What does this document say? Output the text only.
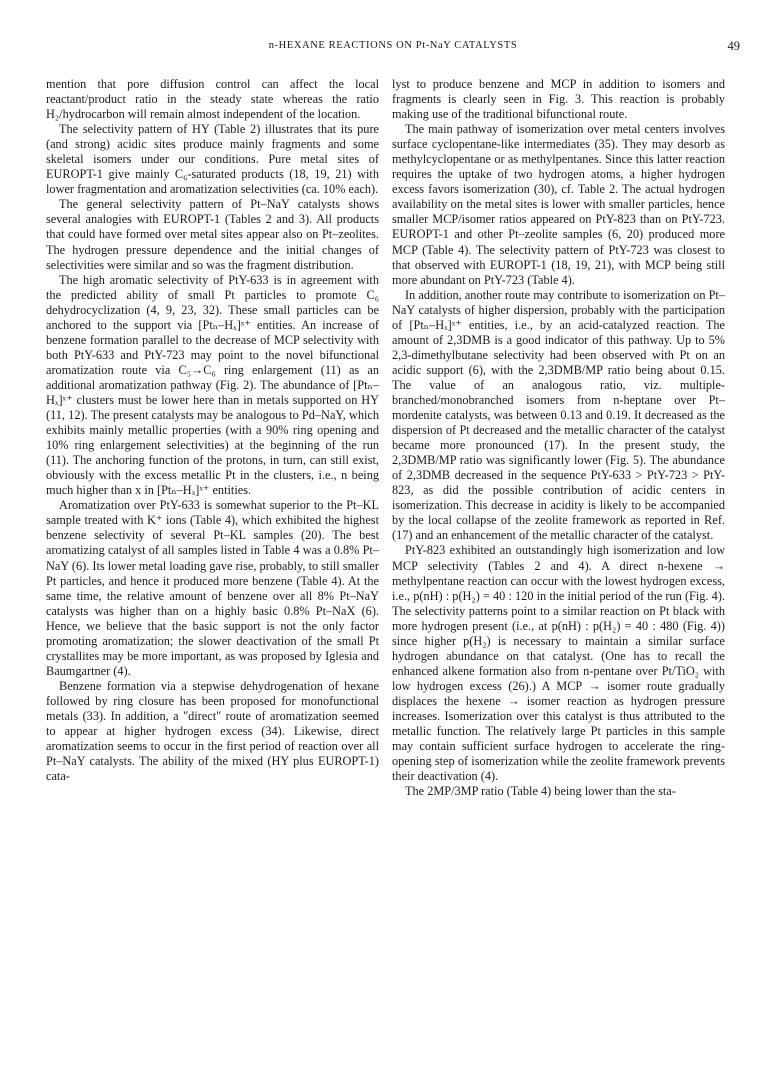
n-HEXANE REACTIONS ON Pt-NaY CATALYSTS	49

mention that pore diffusion control can affect the local reactant/product ratio in the steady state whereas the ratio H₂/hydrocarbon will remain almost independent of the location.

The selectivity pattern of HY (Table 2) illustrates that its pure (and strong) acidic sites produce mainly fragments and some skeletal isomers under our conditions. Pure metal sites of EUROPT-1 give mainly C₆-saturated products (18, 19, 21) with lower fragmentation and aromatization selectivities (ca. 10% each).

The general selectivity pattern of Pt–NaY catalysts shows several analogies with EUROPT-1 (Tables 2 and 3). All products that could have formed over metal sites appear also on Pt–zeolites. The hydrogen pressure dependence and the initial changes of selectivities were similar and so was the fragment distribution.

The high aromatic selectivity of PtY-633 is in agreement with the predicted ability of small Pt particles to promote C₆ dehydrocyclization (4, 9, 23, 32). These small particles can be anchored to the support via [Ptₙ–Hₓ]ˣ⁺ entities. An increase of benzene formation parallel to the decrease of MCP selectivity with both PtY-633 and PtY-723 may point to the novel bifunctional aromatization route via C₅→C₆ ring enlargement (11) as an additional aromatization pathway (Fig. 2). The abundance of [Ptₙ–Hₓ]ˣ⁺ clusters must be lower here than in metals supported on HY (11, 12). The present catalysts may be analogous to Pd–NaY, which exhibits mainly metallic properties (with a 90% ring opening and 10% ring enlargement selectivities) at the beginning of the run (11). The anchoring function of the protons, in turn, can still exist, obviously with the excess metallic Pt in the clusters, i.e., n being much higher than x in [Ptₙ–Hₓ]ˣ⁺ entities.

Aromatization over PtY-633 is somewhat superior to the Pt–KL sample treated with K⁺ ions (Table 4), which exhibited the highest benzene selectivity of several Pt–KL samples (20). The best aromatizing catalyst of all samples listed in Table 4 was a 0.8% Pt–NaY (6). Its lower metal loading gave rise, probably, to still smaller Pt particles, and hence it produced more benzene (Table 4). At the same time, the relative amount of benzene over all 8% Pt–NaY catalysts was higher than on a highly basic 0.8% Pt–NaX (6). Hence, we believe that the basic support is not the only factor promoting aromatization; the slower deactivation of the small Pt crystallites may be more important, as was proposed by Iglesia and Baumgartner (4).

Benzene formation via a stepwise dehydrogenation of hexane followed by ring closure has been proposed for monofunctional metals (33). In addition, a "direct" route of aromatization seemed to appear at higher hydrogen excess (34). Likewise, direct aromatization seems to occur in the first period of reaction over all Pt–NaY catalysts. The ability of the mixed (HY plus EUROPT-1) cata-

lyst to produce benzene and MCP in addition to isomers and fragments is clearly seen in Fig. 3. This reaction is probably making use of the traditional bifunctional route.

The main pathway of isomerization over metal centers involves surface cyclopentane-like intermediates (35). They may desorb as methylcyclopentane or as methylpentanes. Since this latter reaction requires the uptake of two hydrogen atoms, a higher hydrogen excess favors isomerization (30), cf. Table 2. The actual hydrogen availability on the metal sites is lower with smaller particles, hence smaller MCP/isomer ratios appeared on PtY-823 than on PtY-723. EUROPT-1 and other Pt–zeolite samples (6, 20) produced more MCP (Table 4). The selectivity pattern of PtY-723 was closest to that observed with EUROPT-1 (18, 19, 21), with MCP being still more abundant on PtY-723 (Table 4).

In addition, another route may contribute to isomerization on Pt–NaY catalysts of higher dispersion, probably with the participation of [Ptₙ–Hₓ]ˣ⁺ entities, i.e., by an acid-catalyzed reaction. The amount of 2,3DMB is a good indicator of this pathway. Up to 5% 2,3-dimethylbutane selectivity had been observed with Pt on an acidic support (6), with the 2,3DMB/MP ratio being about 0.15. The value of an analogous ratio, viz. multiple-branched/monobranched isomers from n-heptane over Pt–mordenite catalysts, was between 0.13 and 0.19. It decreased as the dispersion of Pt decreased and the metallic character of the catalyst became more pronounced (17). In the present study, the 2,3DMB/MP ratio was significantly lower (Fig. 5). The abundance of 2,3DMB decreased in the sequence PtY-633 > PtY-723 > PtY-823, as did the possible contribution of acidic centers in isomerization. This decrease in acidity is likely to be accompanied by the local collapse of the zeolite framework as reported in Ref. (17) and an enhancement of the metallic character of the catalyst.

PtY-823 exhibited an outstandingly high isomerization and low MCP selectivity (Tables 2 and 4). A direct n-hexene → methylpentane reaction can occur with the lowest hydrogen excess, i.e., p(nH) : p(H₂) = 40 : 120 in the initial period of the run (Fig. 4). The selectivity patterns point to a similar reaction on Pt black with more hydrogen present (i.e., at p(nH) : p(H₂) = 40 : 480 (Fig. 4)) since higher p(H₂) is necessary to maintain a similar surface hydrogen abundance on that catalyst. (One has to recall the enhanced alkene formation also from n-pentane over Pt/TiO₂ with low hydrogen excess (26).) A MCP → isomer route gradually displaces the hexene → isomer reaction as hydrogen pressure increases. Isomerization over this catalyst is thus attributed to the metallic function. The relatively large Pt particles in this sample may contain sufficient surface hydrogen to accelerate the ring-opening step of isomerization while the zeolite framework prevents their deactivation (4).

The 2MP/3MP ratio (Table 4) being lower than the sta-
